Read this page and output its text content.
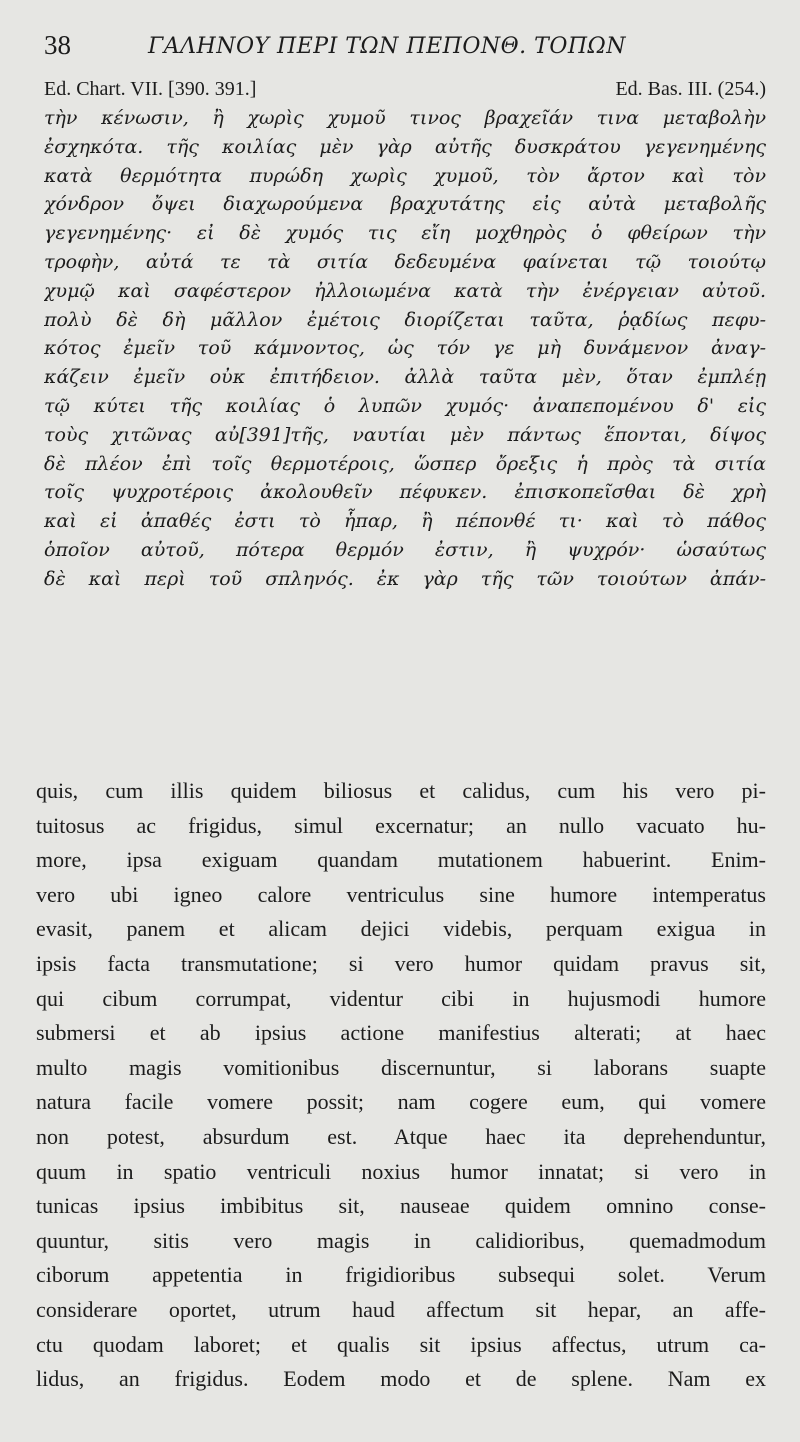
38	ΓΑΛΗΝΟΥ ΠΕΡΙ ΤΩΝ ΠΕΠΟΝΘ. ΤΟΠΩΝ
Ed. Chart. VII. [390. 391.]	Ed. Bas. III. (254.)
τὴν κένωσιν, ἢ χωρὶς χυμοῦ τινος βραχεῖάν τινα μεταβολὴν
ἐσχηκότα. τῆς κοιλίας μὲν γὰρ αὐτῆς δυσκράτου γεγενημένης
κατὰ θερμότητα πυρώδη χωρὶς χυμοῦ, τὸν ἄρτον καὶ τὸν
χόνδρον ὄψει διαχωρούμενα βραχυτάτης εἰς αὐτὰ μεταβολῆς
γεγενημένης· εἰ δὲ χυμός τις εἴη μοχθηρὸς ὁ φθείρων τὴν
τροφὴν, αὐτά τε τὰ σιτία δεδευμένα φαίνεται τῷ τοιούτῳ
χυμῷ καὶ σαφέστερον ἠλλοιωμένα κατὰ τὴν ἐνέργειαν αὐτοῦ.
πολὺ δὲ δὴ μᾶλλον ἐμέτοις διορίζεται ταῦτα, ῥᾳδίως πεφυ-
κότος ἐμεῖν τοῦ κάμνοντος, ὡς τόν γε μὴ δυνάμενον ἀναγ-
κάζειν ἐμεῖν οὐκ ἐπιτήδειον. ἀλλὰ ταῦτα μὲν, ὅταν ἐμπλέῃ
τῷ κύτει τῆς κοιλίας ὁ λυπῶν χυμός· ἀναπεπομένου δ' εἰς
τοὺς χιτῶνας αὐ[391]τῆς, ναυτίαι μὲν πάντως ἕπονται, δίψος
δὲ πλέον ἐπὶ τοῖς θερμοτέροις, ὥσπερ ὄρεξις ἡ πρὸς τὰ σιτία
τοῖς ψυχροτέροις ἀκολουθεῖν πέφυκεν. ἐπισκοπεῖσθαι δὲ χρὴ
καὶ εἰ ἀπαθές ἐστι τὸ ἧπαρ, ἢ πέπονθέ τι· καὶ τὸ πάθος
ὁποῖον αὐτοῦ, πότερα θερμόν ἐστιν, ἢ ψυχρόν· ὡσαύτως
δὲ καὶ περὶ τοῦ σπληνός. ἐκ γὰρ τῆς τῶν τοιούτων ἀπάν-
quis, cum illis quidem biliosus et calidus, cum his vero pi-
tuitosus ac frigidus, simul excernatur; an nullo vacuato hu-
more, ipsa exiguam quandam mutationem habuerint. Enim-
vero ubi igneo calore ventriculus sine humore intemperatus
evasit, panem et alicam dejici videbis, perquam exigua in
ipsis facta transmutatione; si vero humor quidam pravus sit,
qui cibum corrumpat, videntur cibi in hujusmodi humore
submersi et ab ipsius actione manifestius alterati; at haec
multo magis vomitionibus discernuntur, si laborans suapte
natura facile vomere possit; nam cogere eum, qui vomere
non potest, absurdum est. Atque haec ita deprehenduntur,
quum in spatio ventriculi noxius humor innatat; si vero in
tunicas ipsius imbibitus sit, nauseae quidem omnino conse-
quuntur, sitis vero magis in calidioribus, quemadmodum
ciborum appetentia in frigidioribus subsequi solet. Verum
considerare oportet, utrum haud affectum sit hepar, an affe-
ctu quodam laboret; et qualis sit ipsius affectus, utrum ca-
lidus, an frigidus. Eodem modo et de splene. Nam ex
